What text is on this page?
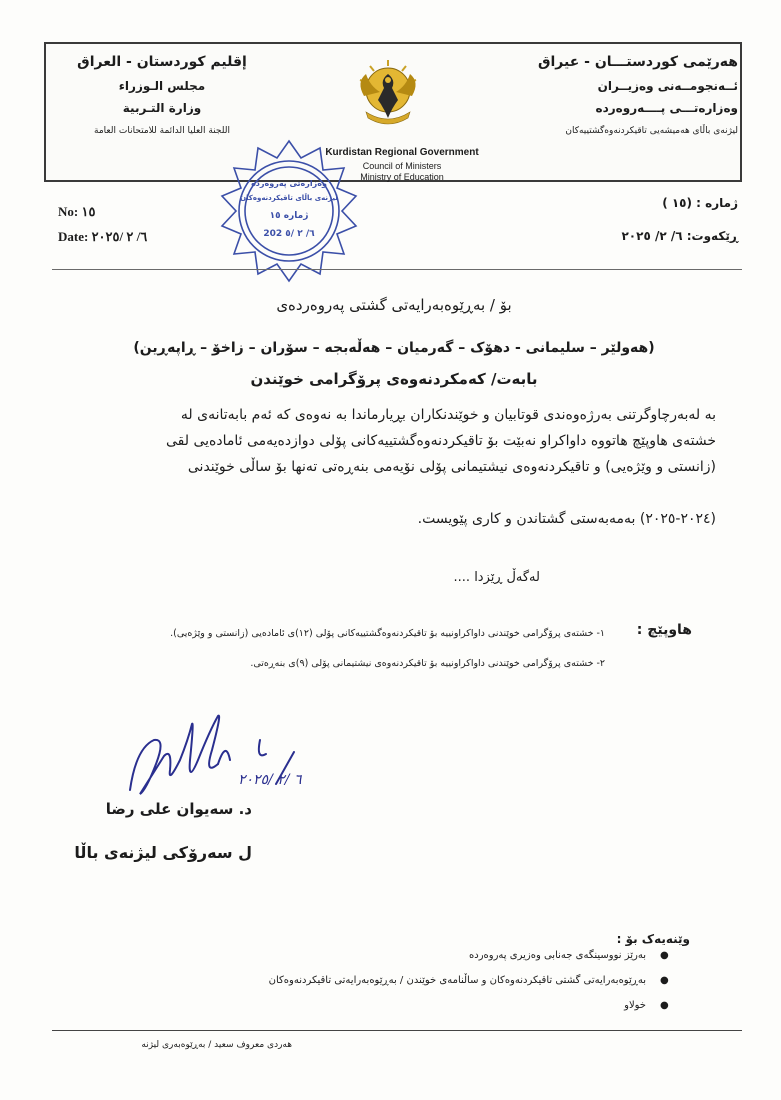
إقليم كوردستان - العراق
مجلس الـوزراء
وزارة التـربية
اللجنة العليا الدائمة للامتحانات العامة
هەرێمی کوردستـــان - عیراق
ئــەنجومــەنی وەزیــران
وەزارەتـــی پــــەروەردە
لیژنەی باڵای هەمیشەیی تاقیکردنەوەگشتییەکان
Kurdistan Regional Government
Council of Ministers
Ministry of Education
وەزارەتی پەروەردە
لیژنەی باڵای تاقیکردنەوەکان
ژمارە ١٥
202 ٦/ ٢ /٥
No: ١٥
Date: ٦/ ٢ /٢٠٢٥
ژمارە : (١٥ )
ڕێکەوت: ٦/ ٢/ ٢٠٢٥
بۆ / بەڕێوەبەرایەتی گشتی پەروەردەی
(هەولێر – سلیمانی - دهۆک – گەرمیان – هەڵەبجە – سۆران – زاخۆ – ڕاپەڕین)
بابەت/ کەمکردنەوەی پرۆگرامی خوێندن
بە لەبەرچاوگرتنی بەرژەوەندی قوتابیان و خوێندنکاران بڕیارماندا بە نەوەی کە ئەم بابەتانەی لە
خشتەی هاوپێچ هاتووە داواکراو نەبێت بۆ تاقیکردنەوەگشتییەکانی پۆلی دوازدەیەمی ئامادەیی لقی
(زانستی و وێژەیی) و تاقیکردنەوەی نیشتیمانی پۆلی نۆیەمی بنەڕەتی تەنها بۆ ساڵی خوێندنی
(٢٠٢٤-٢٠٢٥) بەمەبەستی گشتاندن و کاری پێویست.
لەگەڵ ڕێزدا ....
هاوپێچ :
١- خشتەی پرۆگرامی خوێندنی داواکراونییە بۆ تاقیکردنەوەگشتییەکانی پۆلی (١٢)ی ئامادەیی (زانستی و وێژەیی).
٢- خشتەی پرۆگرامی خوێندنی داواکراونییە بۆ تاقیکردنەوەی نیشتیمانی پۆلی (٩)ی بنەڕەتی.
٦ /٢ /٢٠٢٥
د. سەیوان علی رضا
ل سەرۆکی لیژنەی باڵا
وێنەیەک بۆ :
●
بەرێز نووسینگەی جەنابی وەزیری پەروەردە
●
بەڕێوەبەرایەتی گشتی تاقیکردنەوەکان و ساڵنامەی خوێندن / بەڕێوەبەرایەتی تاقیکردنەوەکان
●
خولاو
هەردی معروف سعید / بەڕێوەبەری لیژنە
